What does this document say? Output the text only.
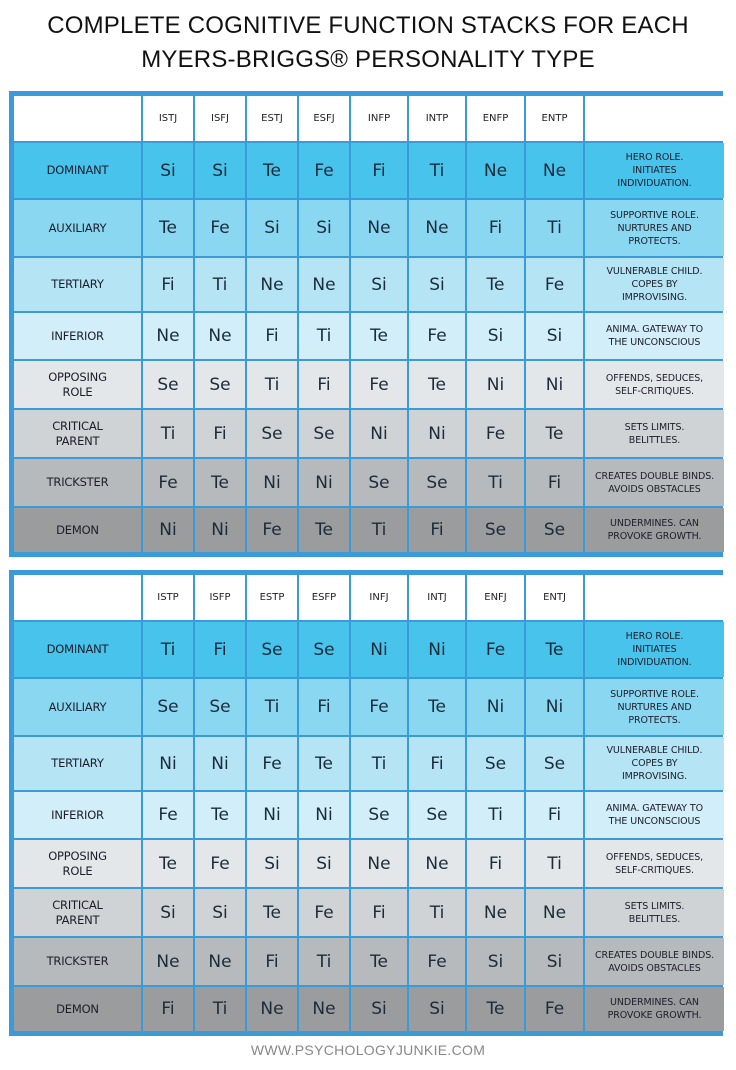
COMPLETE COGNITIVE FUNCTION STACKS FOR EACH
MYERS-BRIGGS® PERSONALITY TYPE
	ISTJ	ISFJ	ESTJ	ESFJ	INFP	INTP	ENFP	ENTP	
DOMINANT	Si	Si	Te	Fe	Fi	Ti	Ne	Ne	HERO ROLE.
INITIATES
INDIVIDUATION.
AUXILIARY	Te	Fe	Si	Si	Ne	Ne	Fi	Ti	SUPPORTIVE ROLE.
NURTURES AND
PROTECTS.
TERTIARY	Fi	Ti	Ne	Ne	Si	Si	Te	Fe	VULNERABLE CHILD.
COPES BY
IMPROVISING.
INFERIOR	Ne	Ne	Fi	Ti	Te	Fe	Si	Si	ANIMA. GATEWAY TO
THE UNCONSCIOUS
OPPOSING
ROLE	Se	Se	Ti	Fi	Fe	Te	Ni	Ni	OFFENDS, SEDUCES,
SELF-CRITIQUES.
CRITICAL
PARENT	Ti	Fi	Se	Se	Ni	Ni	Fe	Te	SETS LIMITS.
BELITTLES.
TRICKSTER	Fe	Te	Ni	Ni	Se	Se	Ti	Fi	CREATES DOUBLE BINDS.
AVOIDS OBSTACLES
DEMON	Ni	Ni	Fe	Te	Ti	Fi	Se	Se	UNDERMINES. CAN
PROVOKE GROWTH.
	ISTP	ISFP	ESTP	ESFP	INFJ	INTJ	ENFJ	ENTJ	
DOMINANT	Ti	Fi	Se	Se	Ni	Ni	Fe	Te	HERO ROLE.
INITIATES
INDIVIDUATION.
AUXILIARY	Se	Se	Ti	Fi	Fe	Te	Ni	Ni	SUPPORTIVE ROLE.
NURTURES AND
PROTECTS.
TERTIARY	Ni	Ni	Fe	Te	Ti	Fi	Se	Se	VULNERABLE CHILD.
COPES BY
IMPROVISING.
INFERIOR	Fe	Te	Ni	Ni	Se	Se	Ti	Fi	ANIMA. GATEWAY TO
THE UNCONSCIOUS
OPPOSING
ROLE	Te	Fe	Si	Si	Ne	Ne	Fi	Ti	OFFENDS, SEDUCES,
SELF-CRITIQUES.
CRITICAL
PARENT	Si	Si	Te	Fe	Fi	Ti	Ne	Ne	SETS LIMITS.
BELITTLES.
TRICKSTER	Ne	Ne	Fi	Ti	Te	Fe	Si	Si	CREATES DOUBLE BINDS.
AVOIDS OBSTACLES
DEMON	Fi	Ti	Ne	Ne	Si	Si	Te	Fe	UNDERMINES. CAN
PROVOKE GROWTH.
WWW.PSYCHOLOGYJUNKIE.COM
